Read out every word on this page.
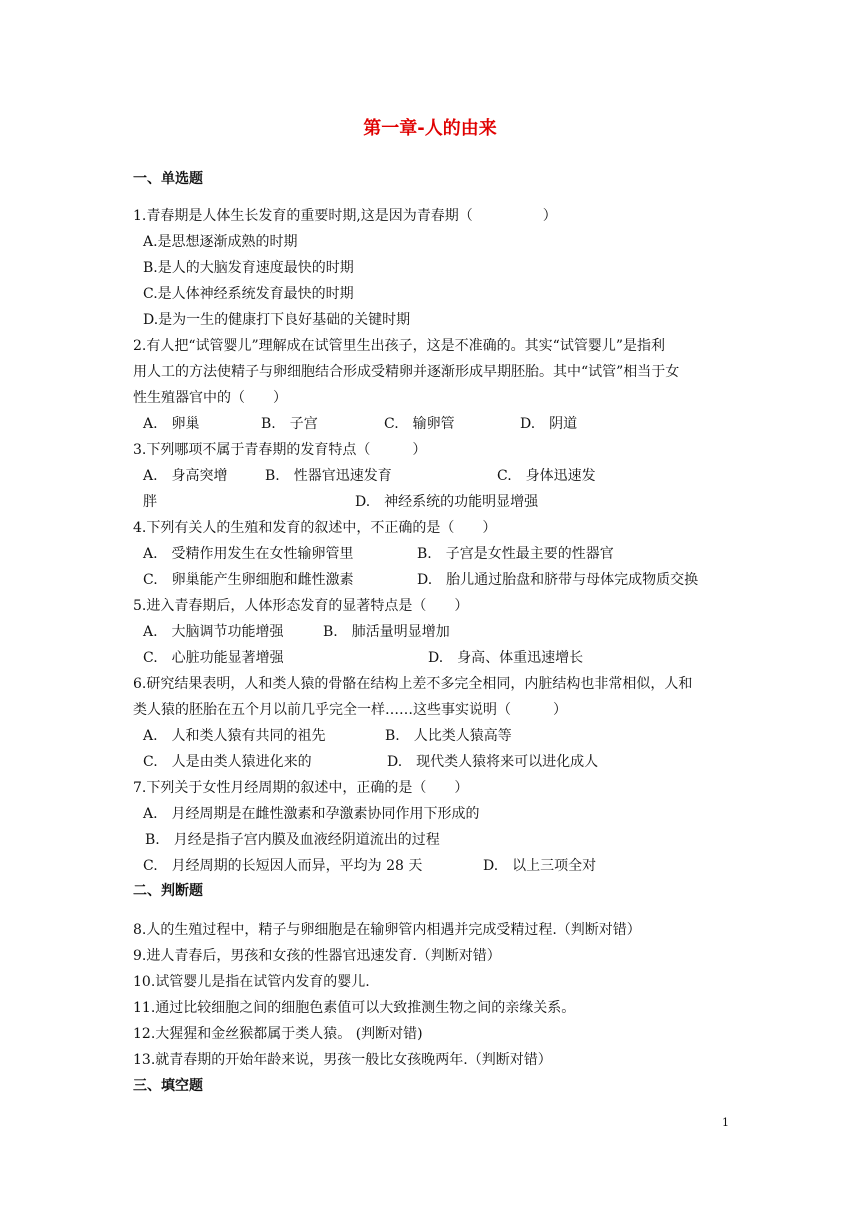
第一章-人的由来
一、单选题
1.青春期是人体生长发育的重要时期,这是因为青春期（　　　　　）
A.是思想逐渐成熟的时期
B.是人的大脑发育速度最快的时期
C.是人体神经系统发育最快的时期
D.是为一生的健康打下良好基础的关键时期
2.有人把“试管婴儿”理解成在试管里生出孩子，这是不准确的。其实“试管婴儿”是指利
用人工的方法使精子与卵细胞结合形成受精卵并逐渐形成早期胚胎。其中“试管”相当于女
性生殖器官中的（　　）
A.　卵巢	B.　子宫	C.　输卵管	D.　阴道
3.下列哪项不属于青春期的发育特点（　　　）
A.　身高突增	B.　性器官迅速发育	C.　身体迅速发
胖	D.　神经系统的功能明显增强
4.下列有关人的生殖和发育的叙述中，不正确的是（　　）
A.　受精作用发生在女性输卵管里	B.　子宫是女性最主要的性器官
C.　卵巢能产生卵细胞和雌性激素	D.　胎儿通过胎盘和脐带与母体完成物质交换
5.进入青春期后，人体形态发育的显著特点是（　　）
A.　大脑调节功能增强	B.　肺活量明显增加
C.　心脏功能显著增强	D.　身高、体重迅速增长
6.研究结果表明，人和类人猿的骨骼在结构上差不多完全相同，内脏结构也非常相似，人和
类人猿的胚胎在五个月以前几乎完全一样……这些事实说明（　　　）
A.　人和类人猿有共同的祖先	B.　人比类人猿高等
C.　人是由类人猿进化来的	D.　现代类人猿将来可以进化成人
7.下列关于女性月经周期的叙述中，正确的是（　　）
A.　月经周期是在雌性激素和孕激素协同作用下形成的
B.　月经是指子宫内膜及血液经阴道流出的过程
C.　月经周期的长短因人而异，平均为 28 天	D.　以上三项全对
二、判断题
8.人的生殖过程中，精子与卵细胞是在输卵管内相遇并完成受精过程.（判断对错）
9.进人青春后，男孩和女孩的性器官迅速发育.（判断对错）
10.试管婴儿是指在试管内发育的婴儿.
11.通过比较细胞之间的细胞色素值可以大致推测生物之间的亲缘关系。
12.大猩猩和金丝猴都属于类人猿。 (判断对错)
13.就青春期的开始年龄来说，男孩一般比女孩晚两年.（判断对错）
三、填空题
1
